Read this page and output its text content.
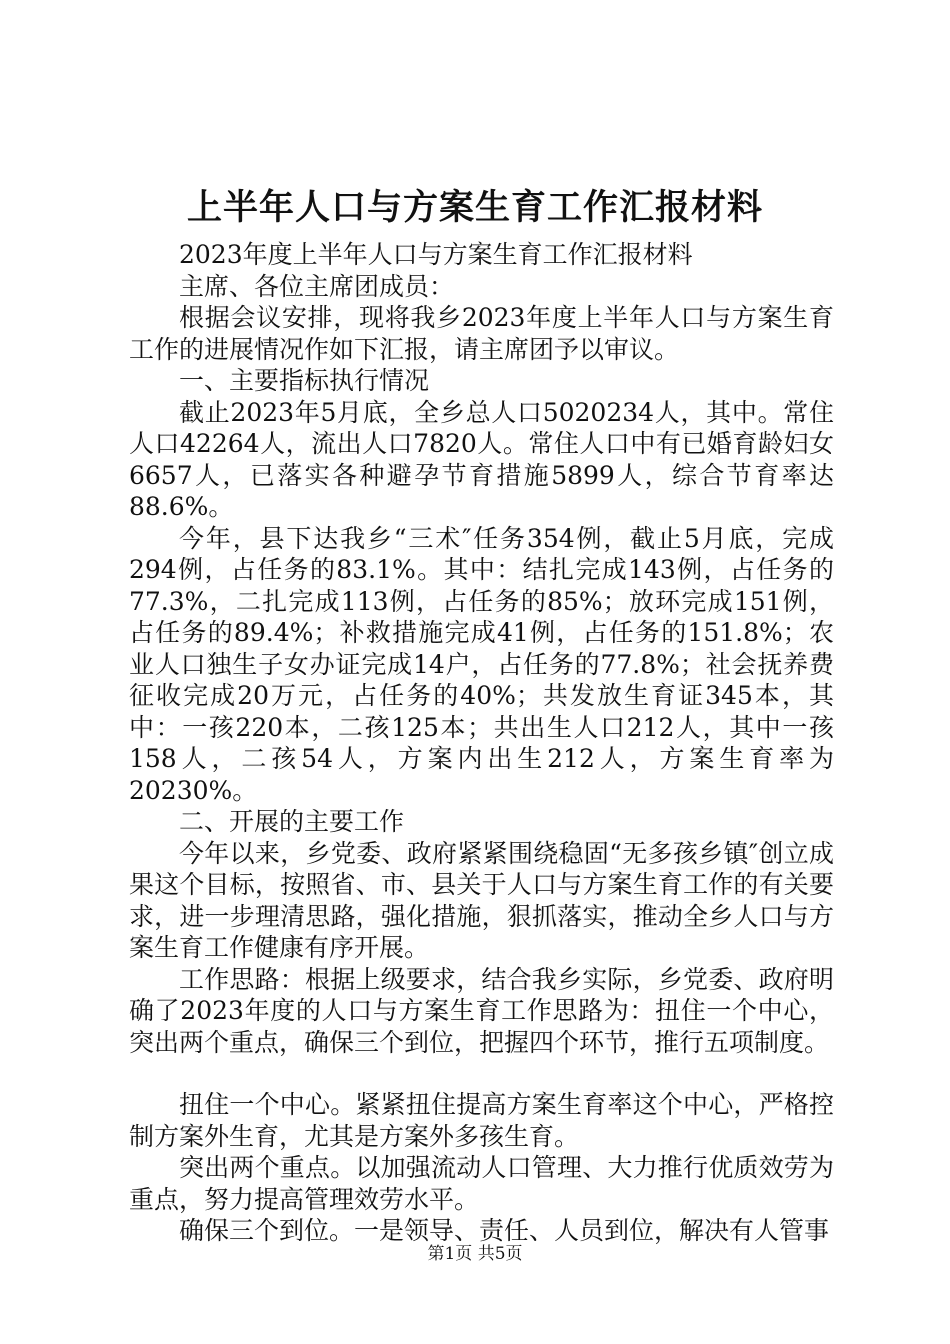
上半年人口与方案生育工作汇报材料

2023年度上半年人口与方案生育工作汇报材料

主席、各位主席团成员：

根据会议安排，现将我乡2023年度上半年人口与方案生育工作的进展情况作如下汇报，请主席团予以审议。

一、主要指标执行情况

截止2023年5月底，全乡总人口5020234人，其中。常住人口42264人，流出人口7820人。常住人口中有已婚育龄妇女6657人，已落实各种避孕节育措施5899人，综合节育率达88.6%。

今年，县下达我乡“三术″任务354例，截止5月底，完成294例，占任务的83.1%。其中：结扎完成143例，占任务的77.3%，二扎完成113例，占任务的85%；放环完成151例，占任务的89.4%；补救措施完成41例，占任务的151.8%；农业人口独生子女办证完成14户，占任务的77.8%；社会抚养费征收完成20万元，占任务的40%；共发放生育证345本，其中：一孩220本，二孩125本；共出生人口212人，其中一孩158人，二孩54人，方案内出生212人，方案生育率为20230%。

二、开展的主要工作

今年以来，乡党委、政府紧紧围绕稳固“无多孩乡镇″创立成果这个目标，按照省、市、县关于人口与方案生育工作的有关要求，进一步理清思路，强化措施，狠抓落实，推动全乡人口与方案生育工作健康有序开展。

工作思路：根据上级要求，结合我乡实际，乡党委、政府明确了2023年度的人口与方案生育工作思路为：扭住一个中心，突出两个重点，确保三个到位，把握四个环节，推行五项制度。

扭住一个中心。紧紧扭住提高方案生育率这个中心，严格控制方案外生育，尤其是方案外多孩生育。

突出两个重点。以加强流动人口管理、大力推行优质效劳为重点，努力提高管理效劳水平。

确保三个到位。一是领导、责任、人员到位，解决有人管事

第1页 共5页
